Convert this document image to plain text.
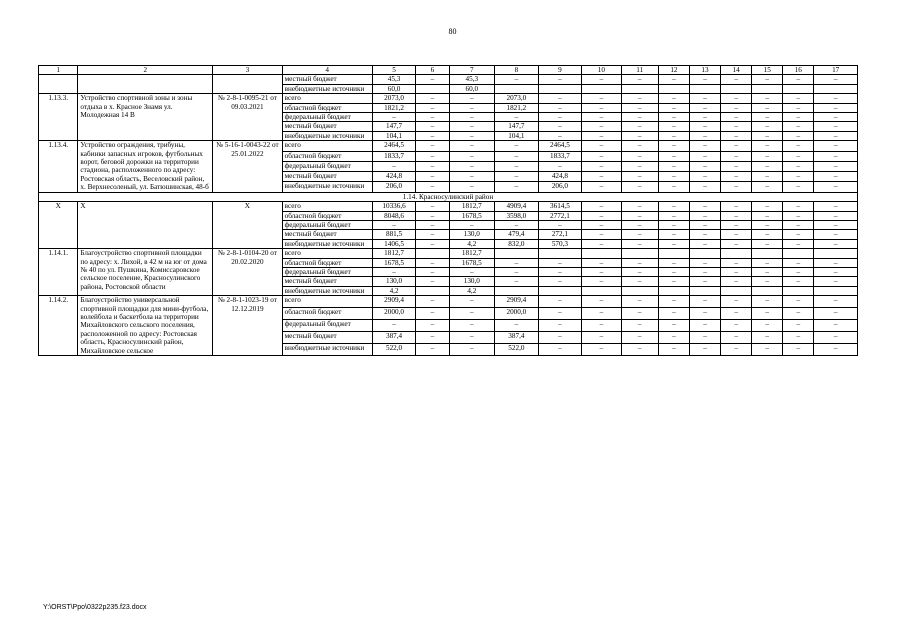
80
1	2	3	4	5	6	7	8	9	10	11	12	13	14	15	16	17
			местный бюджет	45,3	–	45,3	–	–	–	–	–	–	–	–	–	–
			внебюджетные источники	60,0		60,0										
1.13.3.	Устройство спортивной зоны и зоны отдыха в х. Красное Знамя ул. Молодежная 14 В	№ 2-8-1-0095-21 от 09.03.2021	всего	2073,0	–	–	2073,0	–	–	–	–	–	–	–	–	–
			областной бюджет	1821,2	–	–	1821,2	–	–	–	–	–	–	–	–	–
			федеральный бюджет	–	–	–	–	–	–	–	–	–	–	–	–	–
			местный бюджет	147,7	–	–	147,7	–	–	–	–	–	–	–	–	–
			внебюджетные источники	104,1	–	–	104,1	–	–	–	–	–	–	–	–	–
1.13.4.	Устройство ограждения, трибуны, кабинки запасных игроков, футбольных ворот, беговой дорожки на территории стадиона, расположенного по адресу: Ростовская область, Веселовский район, х. Верхнесоленый, ул. Батюшинская, 48-б	№ 5-16-1-0043-22 от 25.01.2022	всего	2464,5	–	–	–	2464,5	–	–	–	–	–	–	–	–
			областной бюджет	1833,7	–	–	–	1833,7	–	–	–	–	–	–	–	–
			федеральный бюджет	–	–	–	–	–	–	–	–	–	–	–	–	–
			местный бюджет	424,8	–	–	–	424,8	–	–	–	–	–	–	–	–
			внебюджетные источники	206,0	–	–	–	206,0	–	–	–	–	–	–	–	–
1.14. Красносулинский район																
Х	Х	Х	всего	10336,6	–	1812,7	4909,4	3614,5	–	–	–	–	–	–	–	–
			областной бюджет	8048,6	–	1678,5	3598,0	2772,1	–	–	–	–	–	–	–	–
			федеральный бюджет	–	–	–	–	–	–	–	–	–	–	–	–	–
			местный бюджет	881,5	–	130,0	479,4	272,1	–	–	–	–	–	–	–	–
			внебюджетные источники	1406,5	–	4,2	832,0	570,3	–	–	–	–	–	–	–	–
1.14.1.	Благоустройство спортивной площадки по адресу: х. Лихой, в 42 м на юг от дома № 40 по ул. Пушкина, Комиссаровское сельское поселение, Красносулинского района, Ростовской области	№ 2-8-1-0104-20 от 20.02.2020	всего	1812,7		1812,7										
			областной бюджет	1678,5	–	1678,5	–	–	–	–	–	–	–	–	–	–
			федеральный бюджет	–	–	–	–	–	–	–	–	–	–	–	–	–
			местный бюджет	130,0	–	130,0	–	–	–	–	–	–	–	–	–	–
			внебюджетные источники	4,2		4,2										
1.14.2.	Благоустройство универсальной спортивной площадки для мини-футбола, волейбола и баскетбола на территории Михайловского сельского поселения, расположенной по адресу: Ростовская область, Красносулинский район, Михайловское сельское	№ 2-8-1-1023-19 от 12.12.2019	всего	2909,4	–	–	2909,4	–	–	–	–	–	–	–	–	–
			областной бюджет	2000,0	–	–	2000,0	–	–	–	–	–	–	–	–	–
			федеральный бюджет	–	–	–	–	–	–	–	–	–	–	–	–	–
			местный бюджет	387,4	–	–	387,4	–	–	–	–	–	–	–	–	–
			внебюджетные источники	522,0	–	–	522,0	–	–	–	–	–	–	–	–	–
Y:\ORST\Ppo\0322p235.f23.docx
